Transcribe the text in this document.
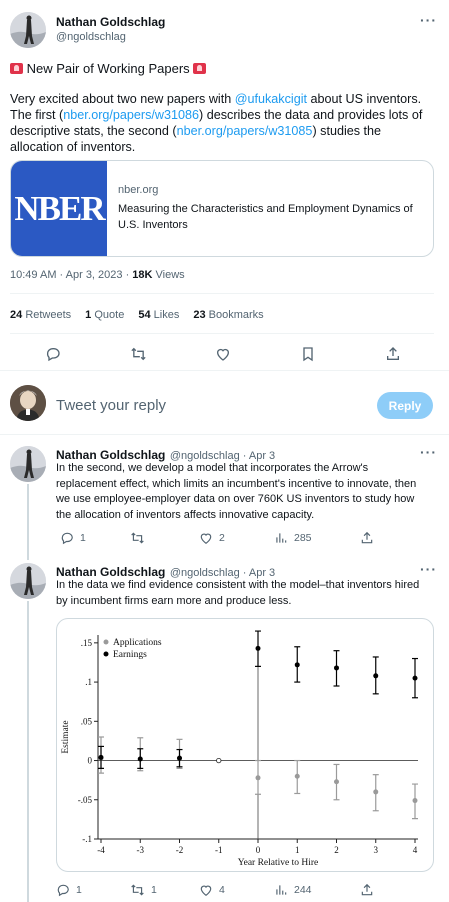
Nathan Goldschlag
@ngoldschlag
···
New Pair of Working Papers
Very excited about two new papers with @ufukakcigit about US inventors. The first (nber.org/papers/w31086) describes the data and provides lots of descriptive stats, the second (nber.org/papers/w31085) studies the allocation of inventors.
NBER	nber.org
Measuring the Characteristics and Employment Dynamics of U.S. Inventors
10:49 AM · Apr 3, 2023 · 18K Views
24 Retweets 1 Quote 54 Likes 23 Bookmarks
Tweet your reply
Reply
Nathan Goldschlag @ngoldschlag · Apr 3	···
In the second, we develop a model that incorporates the Arrow's replacement effect, which limits an incumbent's incentive to innovate, then we use employee-employer data on over 760K US inventors to study how the allocation of inventors affects innovative capacity.
1	2	285
Nathan Goldschlag @ngoldschlag · Apr 3	···
In the data we find evidence consistent with the model–that inventors hired by incumbent firms earn more and produce less.
-.1
-.05
0
.05
.1
.15
-4	-3	-2	-1	0	1	2	3	4
Year Relative to Hire
Estimate
Applications
Earnings
1	1	4	244
